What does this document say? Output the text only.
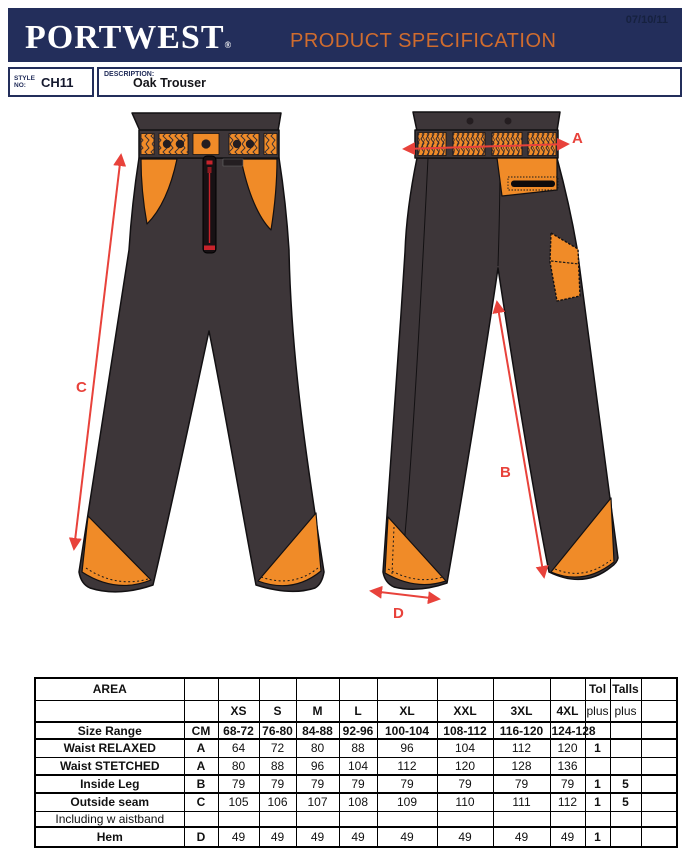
PORTWEST®	PRODUCT SPECIFICATION
07/10/11
STYLE
NO:	CH11	DESCRIPTION:
Oak Trouser
A
B
C
D
AREA										Tol	Talls	
		XS	S	M	L	XL	XXL	3XL	4XL	plus	plus	
Size Range	CM	68-72	76-80	84-88	92-96	100-104	108-112	116-120	124-128			
Waist RELAXED	A	64	72	80	88	96	104	112	120	1		
Waist STETCHED	A	80	88	96	104	112	120	128	136			
Inside Leg	B	79	79	79	79	79	79	79	79	1	5	
Outside seam	C	105	106	107	108	109	110	111	112	1	5	
Including w aistband												
Hem	D	49	49	49	49	49	49	49	49	1		
